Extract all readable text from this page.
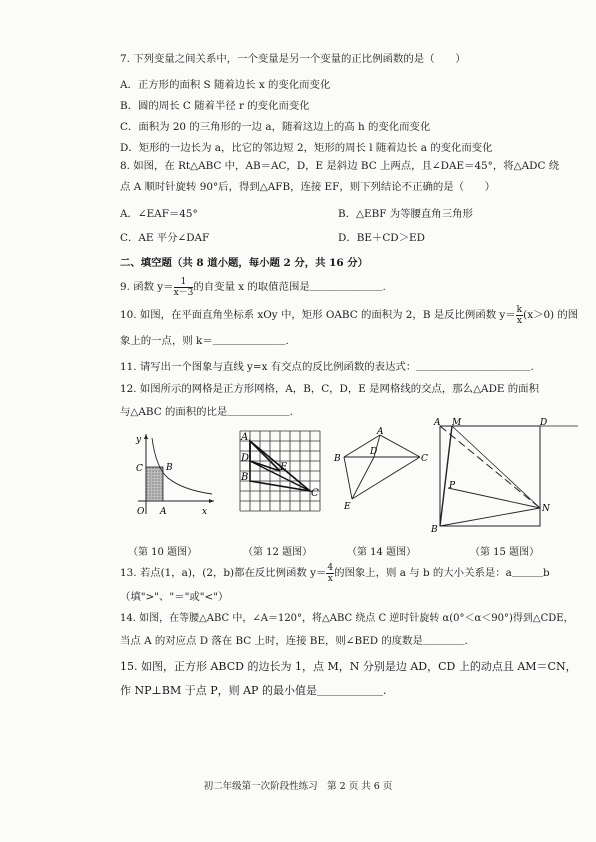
7. 下列变量之间关系中，一个变量是另一个变量的正比例函数的是（　　）
A．正方形的面积 S 随着边长 x 的变化而变化
B．圆的周长 C 随着半径 r 的变化而变化
C．面积为 20 的三角形的一边 a，随着这边上的高 h 的变化而变化
D．矩形的一边长为 a，比它的邻边短 2，矩形的周长 l 随着边长 a 的变化而变化
8. 如图，在 Rt△ABC 中，AB＝AC，D，E 是斜边 BC 上两点，且∠DAE＝45°，将△ADC 绕
点 A 顺时针旋转 90°后，得到△AFB，连接 EF，则下列结论不正确的是（　　）
A．∠EAF＝45°	B．△EBF 为等腰直角三角形
C．AE 平分∠DAF	D．BE＋CD＞ED
二、填空题（共 8 道小题，每小题 2 分，共 16 分）
9. 函数 $y= \frac{1}{x-3}$ 的自变量 x 的取值范围是＿＿＿＿＿＿＿.
10. 如图，在平面直角坐标系 xOy 中，矩形 OABC 的面积为 2，B 是反比例函数 $y= \frac{k}{x} (x>0)$ 的图
象上的一点，则 k＝＿＿＿＿＿＿＿.
11. 请写出一个图象与直线 y=x 有交点的反比例函数的表达式：＿＿＿＿＿＿＿＿＿＿＿.
12. 如图所示的网格是正方形网格，A，B，C，D，E 是网格线的交点，那么△ADE 的面积
与△ABC 的面积的比是＿＿＿＿＿＿.
y
x
O A
B
C
A
D
E
B
C
A
B
D
C
E
A M	D
P
N
B
（第 10 题图）	（第 12 题图）	（第 14 题图）	（第 15 题图）
13. 若点(1，a)，(2，b)都在反比例函数 $y= \frac{4}{x}$ 的图象上，则 a 与 b 的大小关系是：a＿＿＿b
（填">"、"＝"或"<"）
14. 如图，在等腰△ABC 中，∠A＝120°，将△ABC 绕点 C 逆时针旋转 α(0°＜α＜90°)得到△CDE，
当点 A 的对应点 D 落在 BC 上时，连接 BE，则∠BED 的度数是＿＿＿＿.
15. 如图，正方形 ABCD 的边长为 1，点 M，N 分别是边 AD，CD 上的动点且 AM＝CN，
作 NP⊥BM 于点 P，则 AP 的最小值是＿＿＿＿＿＿.
初二年级第一次阶段性练习　第 2 页 共 6 页
